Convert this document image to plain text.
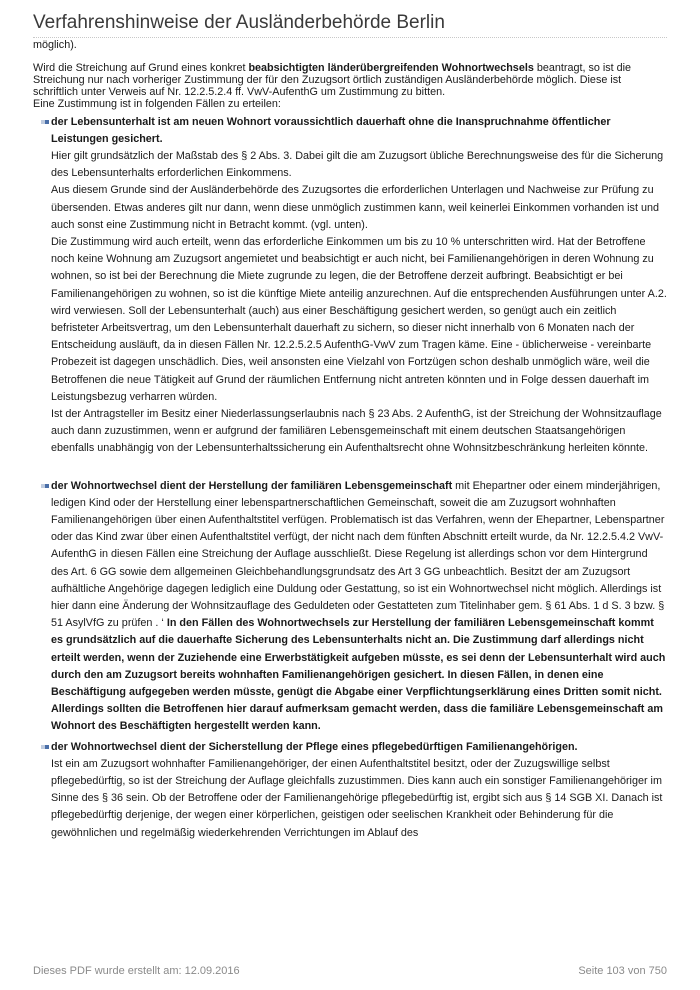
Verfahrenshinweise der Ausländerbehörde Berlin
möglich).
Wird die Streichung auf Grund eines konkret beabsichtigten länderübergreifenden Wohnortwechsels beantragt, so ist die Streichung nur nach vorheriger Zustimmung der für den Zuzugsort örtlich zuständigen Ausländerbehörde möglich. Diese ist schriftlich unter Verweis auf Nr. 12.2.5.2.4 ff. VwV-AufenthG um Zustimmung zu bitten.
Eine Zustimmung ist in folgenden Fällen zu erteilen:
der Lebensunterhalt ist am neuen Wohnort voraussichtlich dauerhaft ohne die Inanspruchnahme öffentlicher Leistungen gesichert.
Hier gilt grundsätzlich der Maßstab des § 2 Abs. 3. Dabei gilt die am Zuzugsort übliche Berechnungsweise des für die Sicherung des Lebensunterhalts erforderlichen Einkommens.
Aus diesem Grunde sind der Ausländerbehörde des Zuzugsortes die erforderlichen Unterlagen und Nachweise zur Prüfung zu übersenden. Etwas anderes gilt nur dann, wenn diese unmöglich zustimmen kann, weil keinerlei Einkommen vorhanden ist und auch sonst eine Zustimmung nicht in Betracht kommt. (vgl. unten).
Die Zustimmung wird auch erteilt, wenn das erforderliche Einkommen um bis zu 10 % unterschritten wird. Hat der Betroffene noch keine Wohnung am Zuzugsort angemietet und beabsichtigt er auch nicht, bei Familienangehörigen in deren Wohnung zu wohnen, so ist bei der Berechnung die Miete zugrunde zu legen, die der Betroffene derzeit aufbringt. Beabsichtigt er bei Familienangehörigen zu wohnen, so ist die künftige Miete anteilig anzurechnen. Auf die entsprechenden Ausführungen unter A.2. wird verwiesen. Soll der Lebensunterhalt (auch) aus einer Beschäftigung gesichert werden, so genügt auch ein zeitlich befristeter Arbeitsvertrag, um den Lebensunterhalt dauerhaft zu sichern, so dieser nicht innerhalb von 6 Monaten nach der Entscheidung ausläuft, da in diesen Fällen Nr. 12.2.5.2.5 AufenthG-VwV zum Tragen käme. Eine - üblicherweise - vereinbarte Probezeit ist dagegen unschädlich. Dies, weil ansonsten eine Vielzahl von Fortzügen schon deshalb unmöglich wäre, weil die Betroffenen die neue Tätigkeit auf Grund der räumlichen Entfernung nicht antreten könnten und in Folge dessen dauerhaft im Leistungsbezug verharren würden.
Ist der Antragsteller im Besitz einer Niederlassungserlaubnis nach § 23 Abs. 2 AufenthG, ist der Streichung der Wohnsitzauflage auch dann zuzustimmen, wenn er aufgrund der familiären Lebensgemeinschaft mit einem deutschen Staatsangehörigen ebenfalls unabhängig von der Lebensunterhaltssicherung ein Aufenthaltsrecht ohne Wohnsitzbeschränkung herleiten könnte.
der Wohnortwechsel dient der Herstellung der familiären Lebensgemeinschaft mit Ehepartner oder einem minderjährigen, ledigen Kind oder der Herstellung einer lebenspartnerschaftlichen Gemeinschaft, soweit die am Zuzugsort wohnhaften Familienangehörigen über einen Aufenthaltstitel verfügen. Problematisch ist das Verfahren, wenn der Ehepartner, Lebenspartner oder das Kind zwar über einen Aufenthaltstitel verfügt, der nicht nach dem fünften Abschnitt erteilt wurde, da Nr. 12.2.5.4.2 VwV- AufenthG in diesen Fällen eine Streichung der Auflage ausschließt. Diese Regelung ist allerdings schon vor dem Hintergrund des Art. 6 GG sowie dem allgemeinen Gleichbehandlungsgrundsatz des Art 3 GG unbeachtlich. Besitzt der am Zuzugsort aufhältliche Angehörige dagegen lediglich eine Duldung oder Gestattung, so ist ein Wohnortwechsel nicht möglich. Allerdings ist hier dann eine Änderung der Wohnsitzauflage des Geduldeten oder Gestatteten zum Titelinhaber gem. § 61 Abs. 1 d S. 3 bzw. § 51 AsylVfG zu prüfen . ‘ In den Fällen des Wohnortwechsels zur Herstellung der familiären Lebensgemeinschaft kommt es grundsätzlich auf die dauerhafte Sicherung des Lebensunterhalts nicht an. Die Zustimmung darf allerdings nicht erteilt werden, wenn der Zuziehende eine Erwerbstätigkeit aufgeben müsste, es sei denn der Lebensunterhalt wird auch durch den am Zuzugsort bereits wohnhaften Familienangehörigen gesichert. In diesen Fällen, in denen eine Beschäftigung aufgegeben werden müsste, genügt die Abgabe einer Verpflichtungserklärung eines Dritten somit nicht. Allerdings sollten die Betroffenen hier darauf aufmerksam gemacht werden, dass die familiäre Lebensgemeinschaft am Wohnort des Beschäftigten hergestellt werden kann.
der Wohnortwechsel dient der Sicherstellung der Pflege eines pflegebedürftigen Familienangehörigen.
Ist ein am Zuzugsort wohnhafter Familienangehöriger, der einen Aufenthaltstitel besitzt, oder der Zuzugswillige selbst pflegebedürftig, so ist der Streichung der Auflage gleichfalls zuzustimmen. Dies kann auch ein sonstiger Familienangehöriger im Sinne des § 36 sein. Ob der Betroffene oder der Familienangehörige pflegebedürftig ist, ergibt sich aus § 14 SGB XI. Danach ist pflegebedürftig derjenige, der wegen einer körperlichen, geistigen oder seelischen Krankheit oder Behinderung für die gewöhnlichen und regelmäßig wiederkehrenden Verrichtungen im Ablauf des
Dieses PDF wurde erstellt am: 12.09.2016	Seite 103 von 750
